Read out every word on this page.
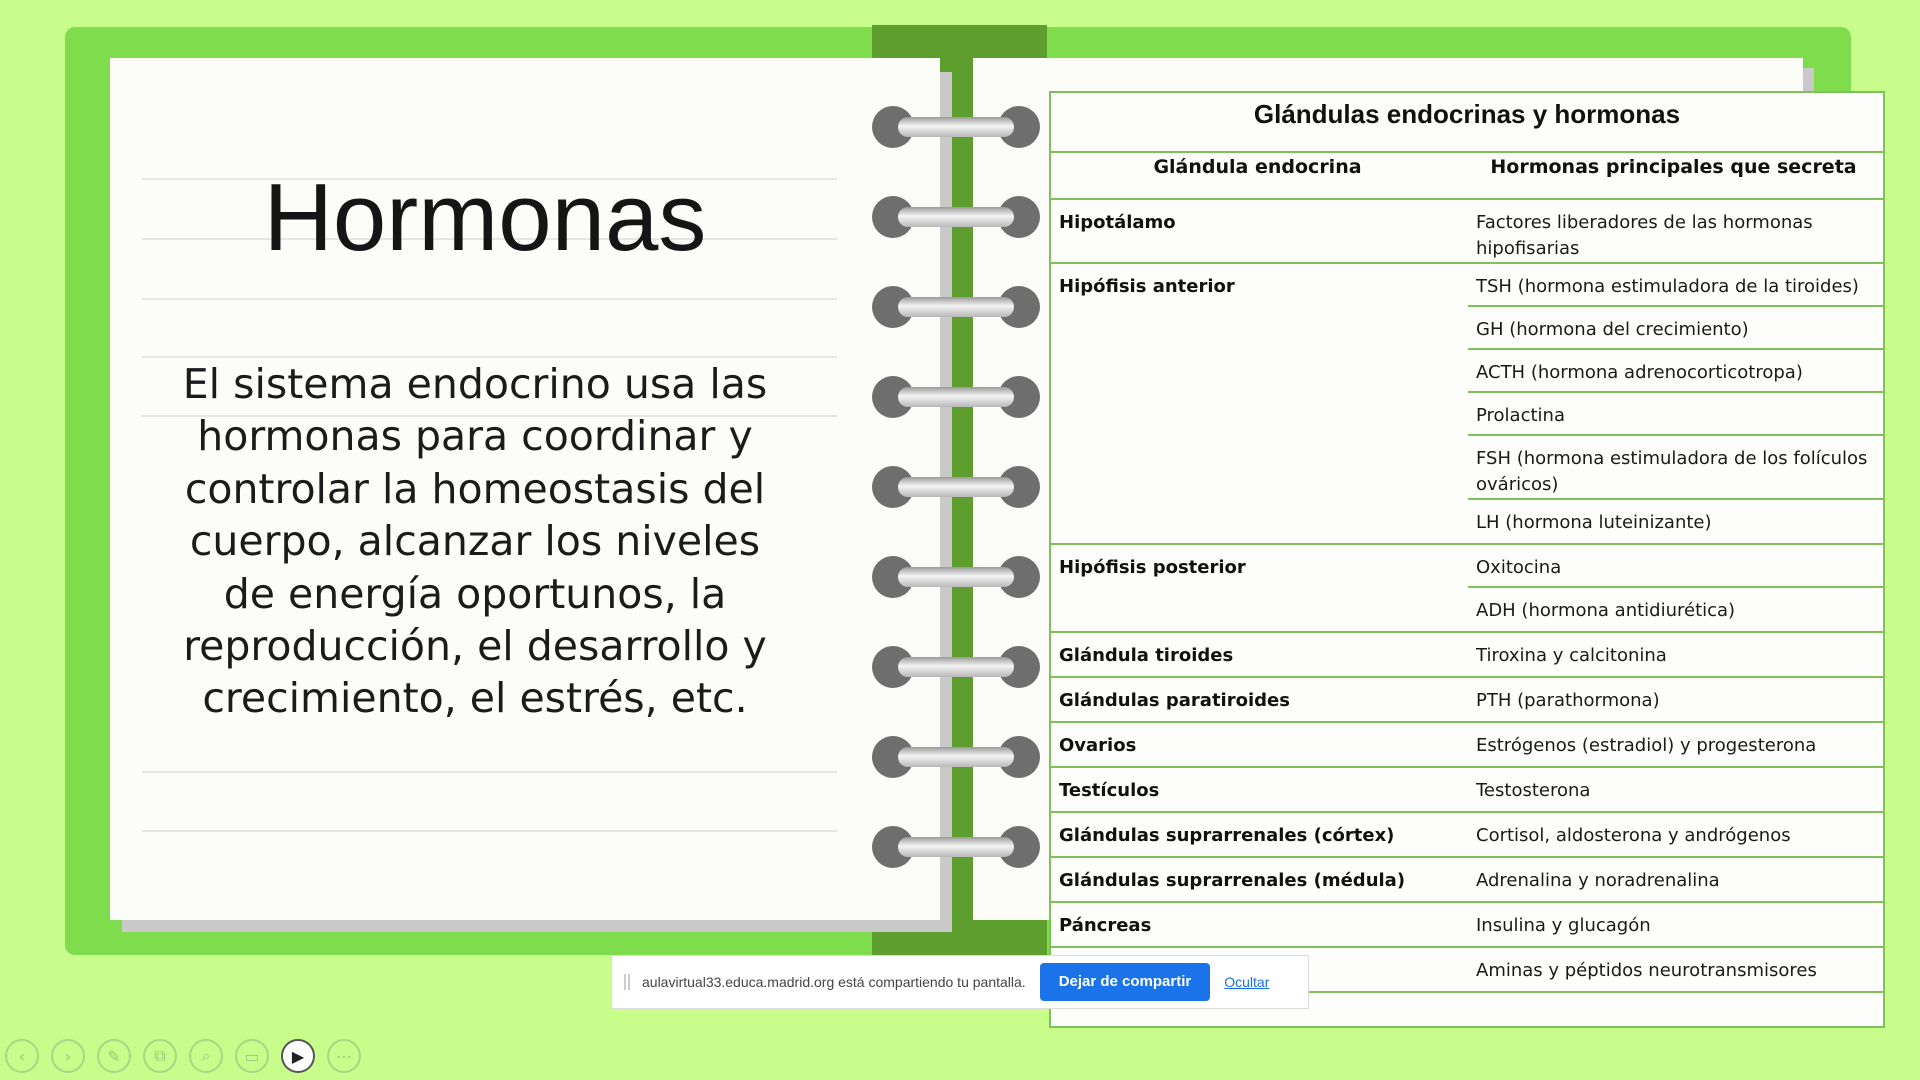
Hormonas

El sistema endocrino usa las hormonas para coordinar y controlar la homeostasis del cuerpo, alcanzar los niveles de energía oportunos, la reproducción, el desarrollo y crecimiento, el estrés, etc.

Glándulas endocrinas y hormonas
Glándula endocrina	Hormonas principales que secreta
Hipotálamo	Factores liberadores de las hormonas hipofisarias
Hipófisis anterior	TSH (hormona estimuladora de la tiroides)
GH (hormona del crecimiento)
ACTH (hormona adrenocorticotropa)
Prolactina
FSH (hormona estimuladora de los folículos ováricos)
LH (hormona luteinizante)
Hipófisis posterior	Oxitocina
ADH (hormona antidiurética)
Glándula tiroides	Tiroxina y calcitonina
Glándulas paratiroides	PTH (parathormona)
Ovarios	Estrógenos (estradiol) y progesterona
Testículos	Testosterona
Glándulas suprarrenales (córtex)	Cortisol, aldosterona y andrógenos
Glándulas suprarrenales (médula)	Adrenalina y noradrenalina
Páncreas	Insulina y glucagón
Aminas y péptidos neurotransmisores
aulavirtual33.educa.madrid.org está compartiendo tu pantalla.	Dejar de compartir	Ocultar
‹	›	✎	⧉	⌕	▭	▶	⋯
